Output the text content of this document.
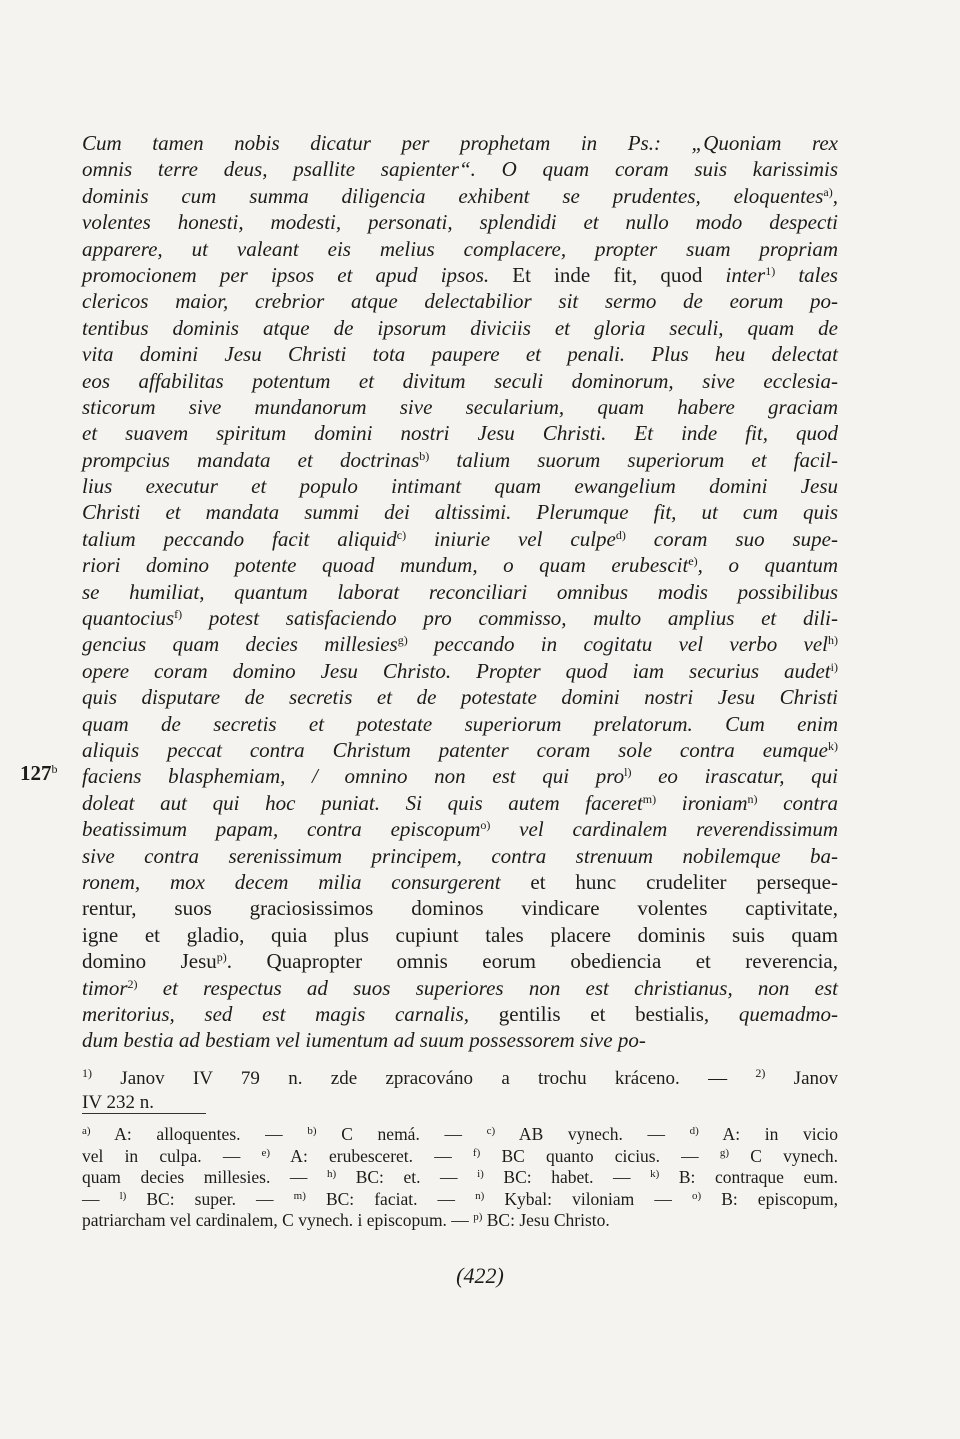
127$^b$
Cum tamen nobis dicatur per prophetam in Ps.: „Quoniam rex
omnis terre deus, psallite sapienter“. O quam coram suis karissimis
dominis cum summa diligencia exhibent se prudentes, eloquentes$^{a)}$,
volentes honesti, modesti, personati, splendidi et nullo modo despecti
apparere, ut valeant eis melius complacere, propter suam propriam
promocionem per ipsos et apud ipsos. Et inde fit, quod inter$^{1)}$ tales
clericos maior, crebrior atque delectabilior sit sermo de eorum po-
tentibus dominis atque de ipsorum diviciis et gloria seculi, quam de
vita domini Jesu Christi tota paupere et penali. Plus heu delectat
eos affabilitas potentum et divitum seculi dominorum, sive ecclesia-
sticorum sive mundanorum sive secularium, quam habere graciam
et suavem spiritum domini nostri Jesu Christi. Et inde fit, quod
prompcius mandata et doctrinas$^{b)}$ talium suorum superiorum et facil-
lius executur et populo intimant quam ewangelium domini Jesu
Christi et mandata summi dei altissimi. Plerumque fit, ut cum quis
talium peccando facit aliquid$^{c)}$ iniurie vel culpe$^{d)}$ coram suo supe-
riori domino potente quoad mundum, o quam erubescit$^{e)}$, o quantum
se humiliat, quantum laborat reconciliari omnibus modis possibilibus
quantocius$^{f)}$ potest satisfaciendo pro commisso, multo amplius et dili-
gencius quam decies millesies$^{g)}$ peccando in cogitatu vel verbo vel$^{h)}$
opere coram domino Jesu Christo. Propter quod iam securius audet$^{i)}$
quis disputare de secretis et de potestate domini nostri Jesu Christi
quam de secretis et potestate superiorum prelatorum. Cum enim
aliquis peccat contra Christum patenter coram sole contra eumque$^{k)}$
faciens blasphemiam, / omnino non est qui pro$^{l)}$ eo irascatur, qui
doleat aut qui hoc puniat. Si quis autem faceret$^{m)}$ ironiam$^{n)}$ contra
beatissimum papam, contra episcopum$^{o)}$ vel cardinalem reverendissimum
sive contra serenissimum principem, contra strenuum nobilemque ba-
ronem, mox decem milia consurgerent et hunc crudeliter perseque-
rentur, suos graciosissimos dominos vindicare volentes captivitate,
igne et gladio, quia plus cupiunt tales placere dominis suis quam
domino Jesu$^{p)}$. Quapropter omnis eorum obediencia et reverencia,
timor$^{2)}$ et respectus ad suos superiores non est christianus, non est
meritorius, sed est magis carnalis, gentilis et bestialis, quemadmo-
dum bestia ad bestiam vel iumentum ad suum possessorem sive po-
$^{1)}$ Janov IV 79 n. zde zpracováno a trochu kráceno. — $^{2)}$ Janov
IV 232 n.
$^{a)}$ A: alloquentes. — $^{b)}$ C nemá. — $^{c)}$ AB vynech. — $^{d)}$ A: in vicio
vel in culpa. — $^{e)}$ A: erubesceret. — $^{f)}$ BC quanto cicius. — $^{g)}$ C vynech.
quam decies millesies. — $^{h)}$ BC: et. — $^{i)}$ BC: habet. — $^{k)}$ B: contraque eum.
— $^{l)}$ BC: super. — $^{m)}$ BC: faciat. — $^{n)}$ Kybal: viloniam — $^{o)}$ B: episcopum,
patriarcham vel cardinalem, C vynech. i episcopum. — $^{p)}$ BC: Jesu Christo.
(422)
